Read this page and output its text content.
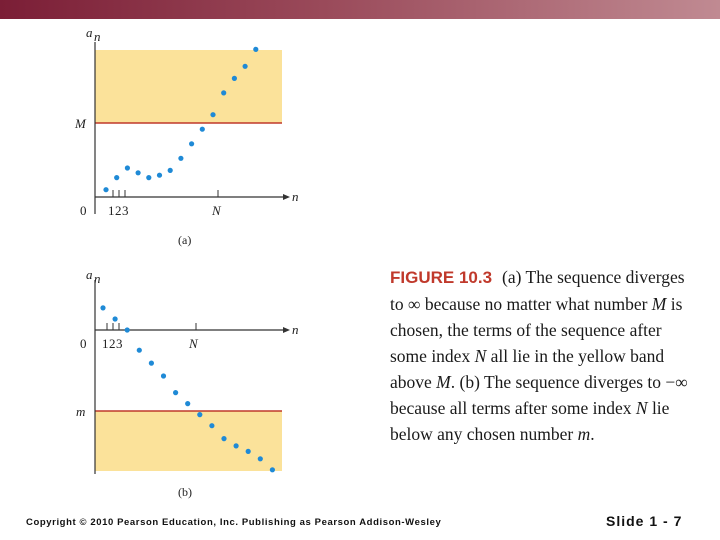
a n
n
M
0 1 2 3	N
(a)
a n
n
m
0 1 2 3	N
(b)
FIGURE 10.3 (a) The sequence diverges to ∞ because no matter what number M is chosen, the terms of the sequence after some index N all lie in the yellow band above M. (b) The sequence diverges to −∞ because all terms after some index N lie below any chosen number m.
Copyright © 2010 Pearson Education, Inc. Publishing as Pearson Addison-Wesley	Slide 1 - 7
